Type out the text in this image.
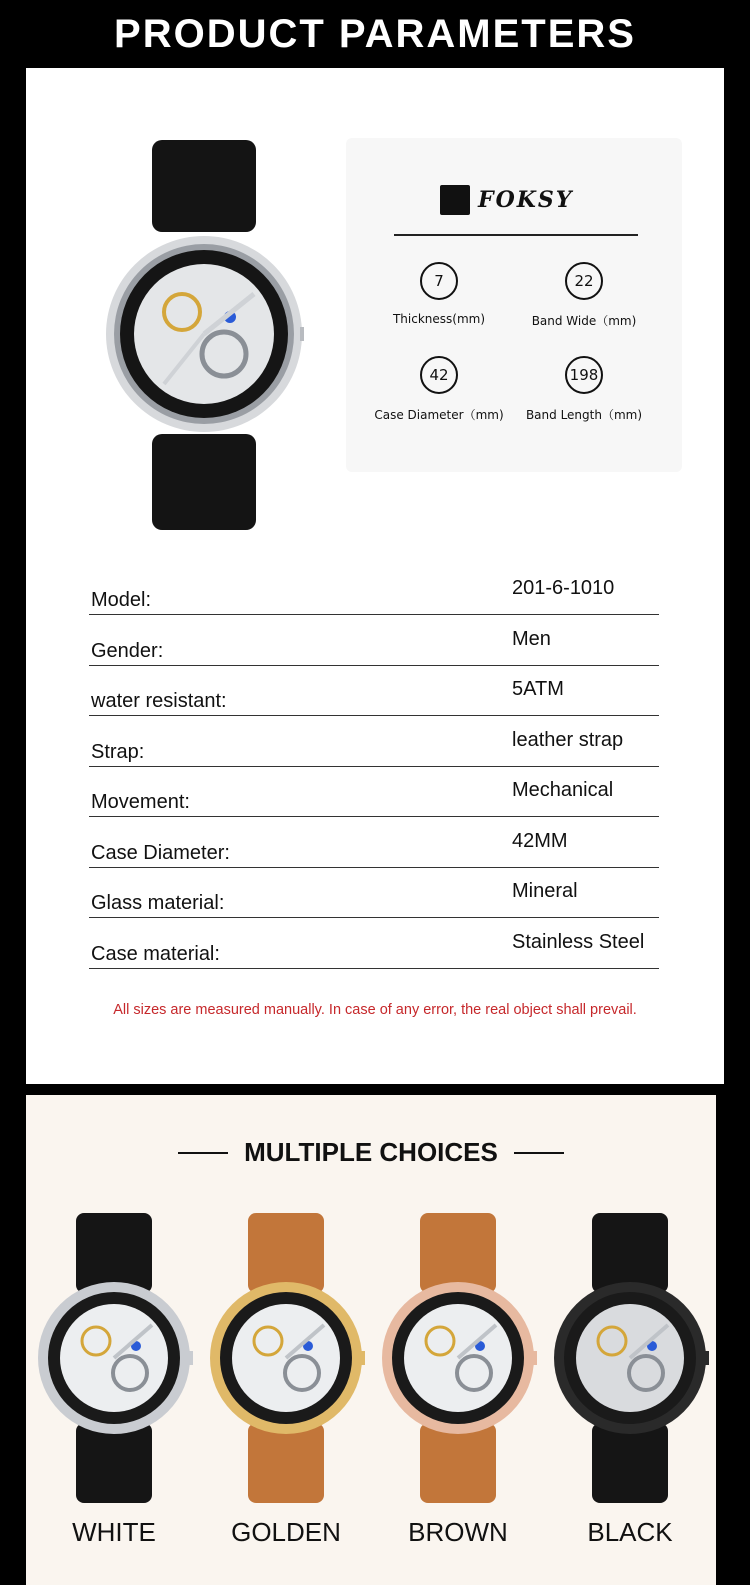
PRODUCT PARAMETERS
FOKSY
7
Thickness(mm)
22
Band Wide（mm)
42
Case Diameter（mm)
198
Band Length（mm)
Model:
201-6-1010
Gender:
Men
water resistant:
5ATM
Strap:
leather strap
Movement:
Mechanical
Case Diameter:
42MM
Glass material:
Mineral
Case material:
Stainless Steel
All sizes are measured manually. In case of any error, the real object shall prevail.
MULTIPLE CHOICES
WHITE	GOLDEN	BROWN	BLACK
